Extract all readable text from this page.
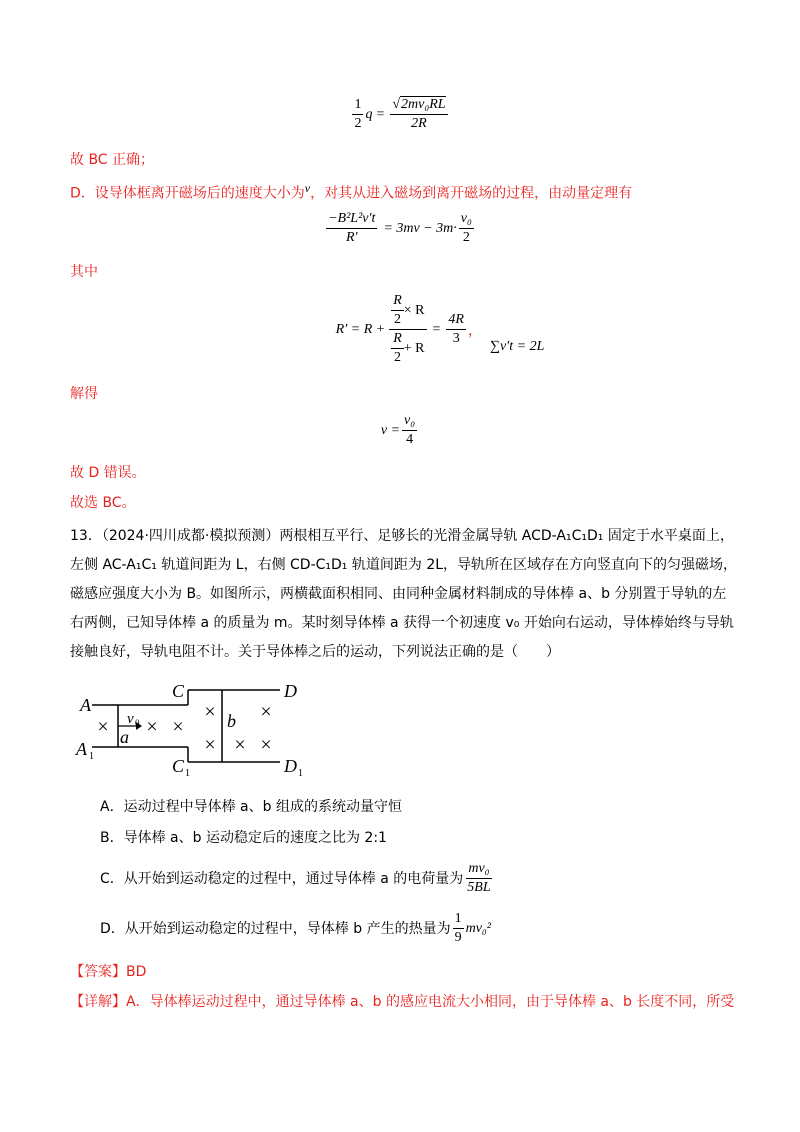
$\frac{1}{2}$ $q = \frac{\text{√2mv₀RL}}{2R}$
故 BC 正确；
D．设导体框离开磁场后的速度大小为v，对其从进入磁场到离开磁场的过程，由动量定理有
$\frac{\text{−B²L²v′t}}{R'} = 3mv - 3m\cdot \frac{\text{v₀}}{2}$
其中
$R' = R + \frac{\frac{R}{2} \times R}{\frac{R}{2} + R} = \frac{4R}{3}$ ，
∑v′t = 2L
解得
$v = \frac{\text{v₀}}{4}$
故 D 错误。
故选 BC。
13．（2024·四川成都·模拟预测）两根相互平行、足够长的光滑金属导轨 ACD-A₁C₁D₁ 固定于水平桌面上，
左侧 AC-A₁C₁ 轨道间距为 L，右侧 CD-C₁D₁ 轨道间距为 2L，导轨所在区域存在方向竖直向下的匀强磁场，
磁感应强度大小为 B。如图所示，两横截面积相同、由同种金属材料制成的导体棒 a、b 分别置于导轨的左
右两侧，已知导体棒 a 的质量为 m。某时刻导体棒 a 获得一个初速度 v₀ 开始向右运动，导体棒始终与导轨
接触良好，导轨电阻不计。关于导体棒之后的运动，下列说法正确的是（　　）
× × ×
× ×
× × ×
A
A 1
C
C 1
D
D 1
a
b
v 0
A．运动过程中导体棒 a、b 组成的系统动量守恒
B．导体棒 a、b 运动稳定后的速度之比为 2:1
C．从开始到运动稳定的过程中，通过导体棒 a 的电荷量为 $\frac{\text{mv₀}}{5BL}$
D．从开始到运动稳定的过程中，导体棒 b 产生的热量为 $\frac{1}{9} mv_0^2$
【答案】BD
【详解】A．导体棒运动过程中，通过导体棒 a、b 的感应电流大小相同，由于导体棒 a、b 长度不同，所受
